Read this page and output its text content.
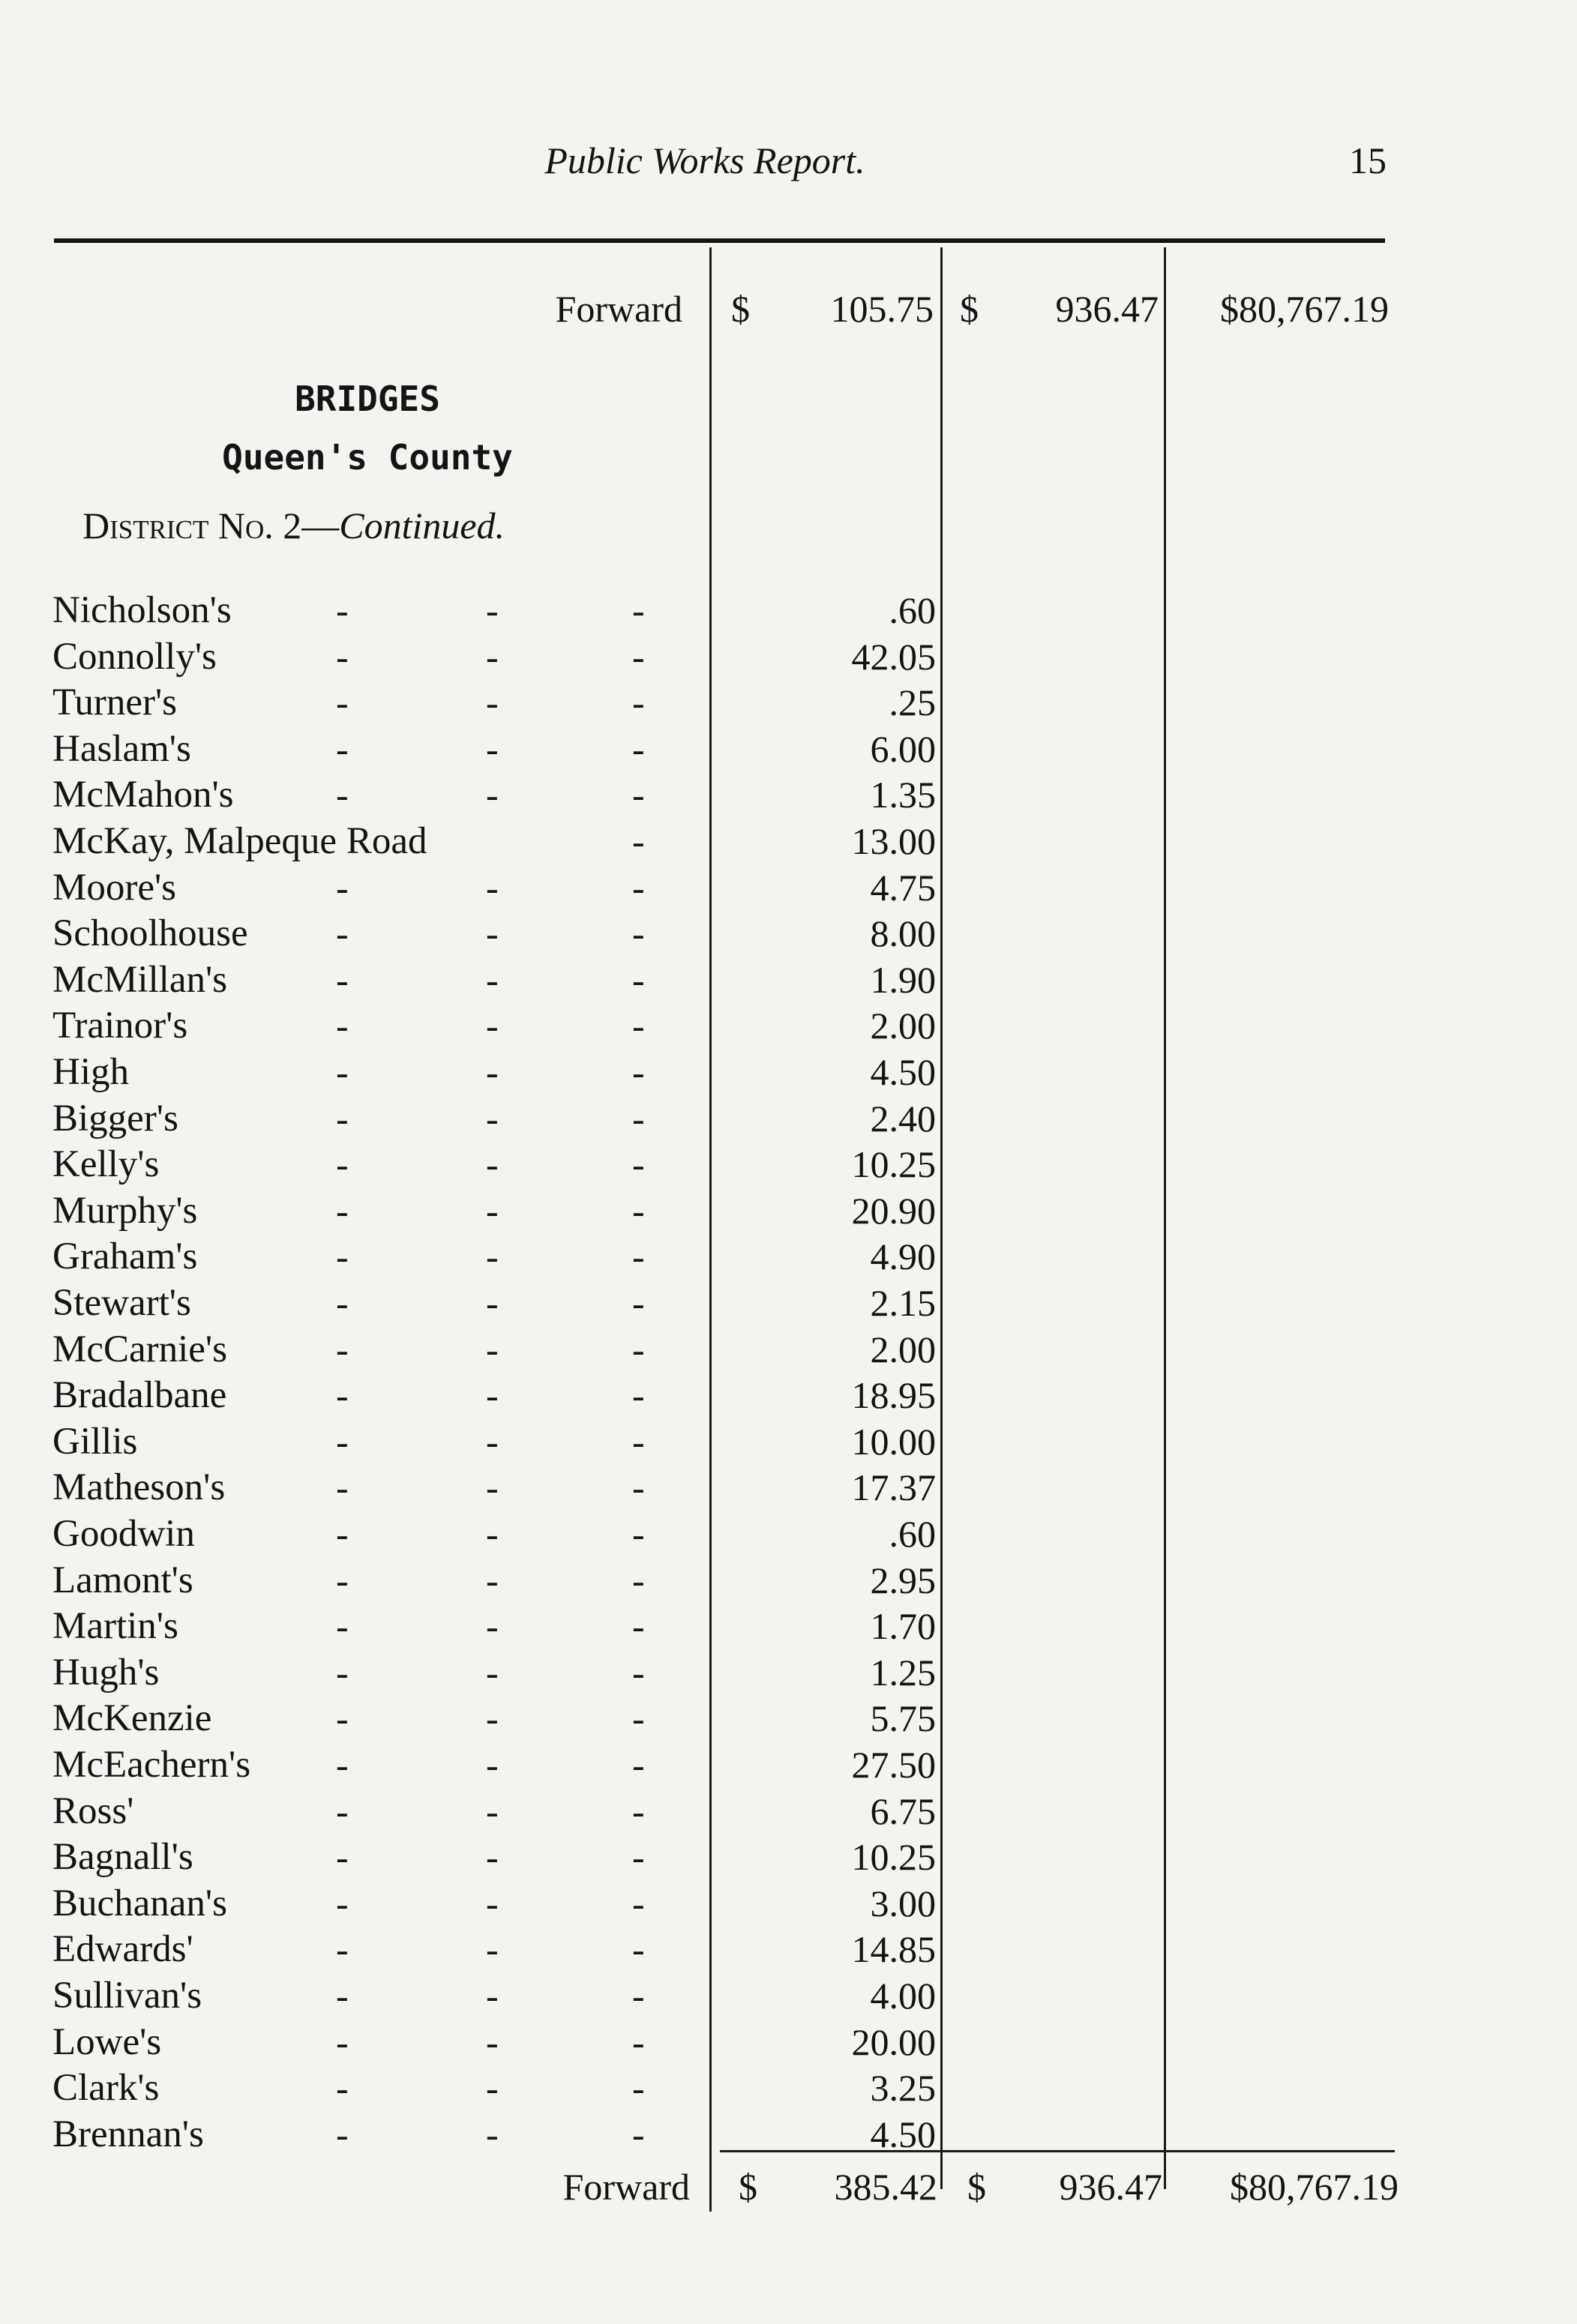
Public Works Report.	15
Forward $	105.75 $	936.47	$80,767.19
BRIDGES
Queen's County
District No. 2—Continued.
Nicholson's	-	-	-	.60
Connolly's	-	-	-	42.05
Turner's	-	-	-	.25
Haslam's	-	-	-	6.00
McMahon's	-	-	-	1.35
McKay, Malpeque Road	-	13.00
Moore's	-	-	-	4.75
Schoolhouse -	-	-	8.00
McMillan's	-	-	-	1.90
Trainor's	-	-	-	2.00
High	-	-	-	4.50
Bigger's	-	-	-	2.40
Kelly's	-	-	-	10.25
Murphy's	-	-	-	20.90
Graham's	-	-	-	4.90
Stewart's	-	-	-	2.15
McCarnie's	-	-	-	2.00
Bradalbane	-	-	-	18.95
Gillis	-	-	-	10.00
Matheson's	-	-	-	17.37
Goodwin	-	-	-	.60
Lamont's	-	-	-	2.95
Martin's	-	-	-	1.70
Hugh's	-	-	-	1.25
McKenzie	-	-	-	5.75
McEachern's -	-	-	27.50
Ross'	-	-	-	6.75
Bagnall's	-	-	-	10.25
Buchanan's	-	-	-	3.00
Edwards'	-	-	-	14.85
Sullivan's	-	-	-	4.00
Lowe's	-	-	-	20.00
Clark's	-	-	-	3.25
Brennan's	-	-	-	4.50
Forward $	385.42 $	936.47	$80,767.19
